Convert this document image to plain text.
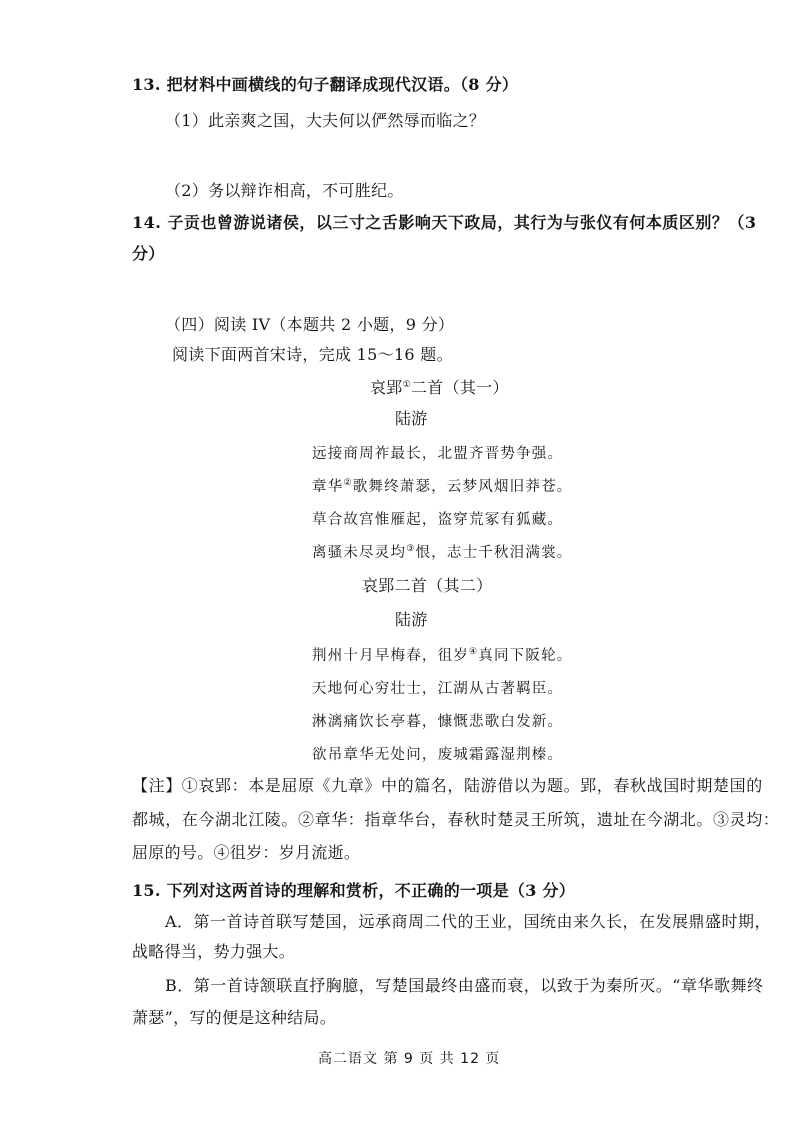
13. 把材料中画横线的句子翻译成现代汉语。（8 分）
（1）此亲爽之国，大夫何以俨然辱而临之？
（2）务以辩诈相高，不可胜纪。
14. 子贡也曾游说诸侯，以三寸之舌影响天下政局，其行为与张仪有何本质区别？（3
分）
（四）阅读 IV（本题共 2 小题，9 分）
阅读下面两首宋诗，完成 15～16 题。
哀郢①二首（其一）
陆游
远接商周祚最长，北盟齐晋势争强。
章华②歌舞终萧瑟，云梦风烟旧莽苍。
草合故宫惟雁起，盗穿荒冢有狐藏。
离骚未尽灵均③恨，志士千秋泪满裳。
哀郢二首（其二）
陆游
荆州十月早梅春，徂岁④真同下阪轮。
天地何心穷壮士，江湖从古著羁臣。
淋漓痛饮长亭暮，慷慨悲歌白发新。
欲吊章华无处问，废城霜露湿荆榛。
【注】①哀郢：本是屈原《九章》中的篇名，陆游借以为题。郢，春秋战国时期楚国的
都城，在今湖北江陵。②章华：指章华台，春秋时楚灵王所筑，遗址在今湖北。③灵均：
屈原的号。④徂岁：岁月流逝。
15. 下列对这两首诗的理解和赏析，不正确的一项是（3 分）
A．第一首诗首联写楚国，远承商周二代的王业，国统由来久长，在发展鼎盛时期，
战略得当，势力强大。
B．第一首诗颔联直抒胸臆，写楚国最终由盛而衰，以致于为秦所灭。“章华歌舞终
萧瑟”，写的便是这种结局。
高二语文 第 9 页 共 12 页
